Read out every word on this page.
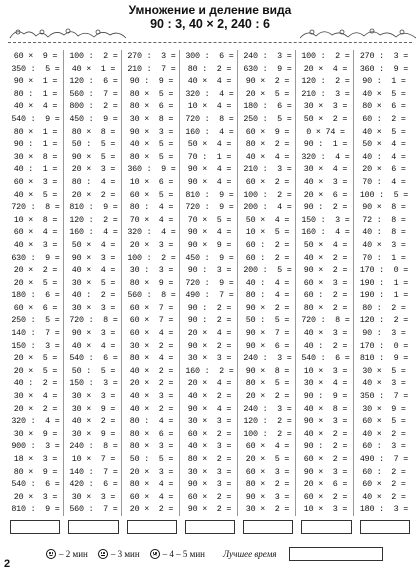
Умножение и деление вида
90 : 3, 40 × 2, 240 : 6
60 ×  9 =
350 :  5 =
90 ×  1 =
80 :  1 =
40 ×  4 =
540 :  9 =
80 ×  1 =
90 :  1 =
30 ×  8 =
40 :  1 =
60 ×  3 =
40 ×  5 =
720 :  8 =
10 ×  8 =
60 ×  4 =
40 ×  3 =
630 :  9 =
20 ×  2 =
20 ×  5 =
180 :  6 =
60 ×  6 =
250 :  5 =
140 :  7 =
150 :  3 =
20 ×  5 =
20 ×  5 =
40 :  2 =
30 ×  4 =
20 ×  2 =
320 :  4 =
30 ×  9 =
900 :  3 =
18 ×  3 =
80 ×  9 =
540 :  6 =
20 ×  3 =
810 :  9 =
100 :  2 =
40 ×  1 =
120 :  6 =
560 :  7 =
800 :  2 =
450 :  9 =
80 ×  8 =
50 :  5 =
90 ×  5 =
20 ×  3 =
80 :  4 =
20 ×  2 =
810 :  9 =
120 :  2 =
160 :  4 =
50 ×  4 =
90 ×  3 =
40 ×  4 =
30 ×  5 =
40 :  2 =
30 ×  3 =
720 :  8 =
90 ×  3 =
40 ×  4 =
540 :  6 =
50 :  5 =
150 :  3 =
30 ×  3 =
30 ×  9 =
40 ×  2 =
30 ×  9 =
240 :  8 =
10 ×  7 =
140 :  7 =
420 :  6 =
30 ×  3 =
560 :  7 =
270 :  3 =
210 :  7 =
90 :  9 =
80 ×  5 =
80 ×  6 =
30 ×  8 =
90 ×  3 =
40 ×  5 =
80 ×  5 =
360 :  9 =
10 ×  6 =
60 ×  5 =
80 :  4 =
70 ×  4 =
320 :  4 =
20 ×  3 =
100 :  2 =
30 :  3 =
80 ×  9 =
560 :  8 =
60 ×  7 =
60 ×  7 =
60 ×  4 =
30 ×  2 =
80 ×  4 =
40 ×  2 =
20 ×  2 =
40 ×  3 =
40 ×  2 =
80 :  4 =
80 ×  6 =
80 ×  3 =
50 :  5 =
20 ×  3 =
80 ×  4 =
60 ×  4 =
20 ×  2 =
300 :  6 =
80 :  2 =
40 ×  4 =
320 :  4 =
10 ×  4 =
720 :  8 =
160 :  4 =
50 ×  4 =
70 :  1 =
90 ×  4 =
90 ×  4 =
810 :  9 =
720 :  9 =
70 ×  5 =
90 ×  4 =
90 ×  9 =
450 :  9 =
90 :  3 =
720 :  9 =
490 :  7 =
90 :  2 =
90 :  2 =
20 ×  4 =
90 ×  2 =
30 ×  3 =
160 :  2 =
20 ×  4 =
40 ×  2 =
90 ×  4 =
30 ×  3 =
60 ×  2 =
40 ×  3 =
80 ×  2 =
30 ×  3 =
90 ×  3 =
60 ×  2 =
90 ×  2 =
240 :  3 =
630 :  9 =
90 ×  2 =
20 ×  5 =
180 :  6 =
250 :  5 =
60 ×  9 =
80 ×  2 =
40 ×  4 =
210 :  3 =
60 ×  2 =
100 :  2 =
200 :  4 =
50 ×  4 =
10 ×  5 =
60 :  2 =
60 :  2 =
200 :  5 =
40 :  4 =
80 :  4 =
90 ×  2 =
50 :  5 =
90 ×  7 =
90 ×  6 =
240 :  3 =
90 ×  8 =
80 ×  5 =
20 ×  2 =
240 :  3 =
120 :  2 =
100 :  2 =
60 ×  4 =
20 ×  5 =
60 ×  3 =
80 ×  2 =
90 ×  3 =
30 ×  2 =
100 :  2 =
20 ×  4 =
120 :  2 =
210 :  3 =
30 ×  3 =
50 ×  2 =
0 × 74 =
90 :  1 =
320 :  4 =
30 ×  4 =
40 ×  3 =
20 ×  6 =
90 :  2 =
150 :  3 =
160 :  4 =
50 ×  4 =
40 ×  2 =
90 ×  2 =
60 ×  3 =
60 :  2 =
80 ×  2 =
720 :  8 =
40 ×  3 =
40 :  2 =
540 :  6 =
10 ×  3 =
30 ×  4 =
90 :  9 =
40 ×  8 =
90 ×  3 =
40 ×  2 =
90 :  2 =
60 ×  2 =
90 ×  3 =
20 ×  6 =
60 ×  2 =
10 ×  3 =
270 :  3 =
360 :  9 =
90 :  1 =
40 ×  5 =
80 ×  6 =
60 :  2 =
40 ×  5 =
50 ×  4 =
40 :  4 =
20 ×  6 =
70 :  4 =
100 :  5 =
90 ×  8 =
72 :  8 =
40 :  8 =
40 ×  3 =
70 :  1 =
170 :  0 =
190 :  1 =
190 :  1 =
80 :  2 =
120 :  2 =
90 :  3 =
170 :  0 =
810 :  9 =
30 ×  5 =
40 ×  3 =
350 :  7 =
30 ×  9 =
60 ×  5 =
40 ×  2 =
60 :  3 =
490 :  7 =
60 :  2 =
60 ×  2 =
40 ×  2 =
180 :  3 =
– 2 мин	– 3 мин	– 4 – 5 мин Лучшее время
2
